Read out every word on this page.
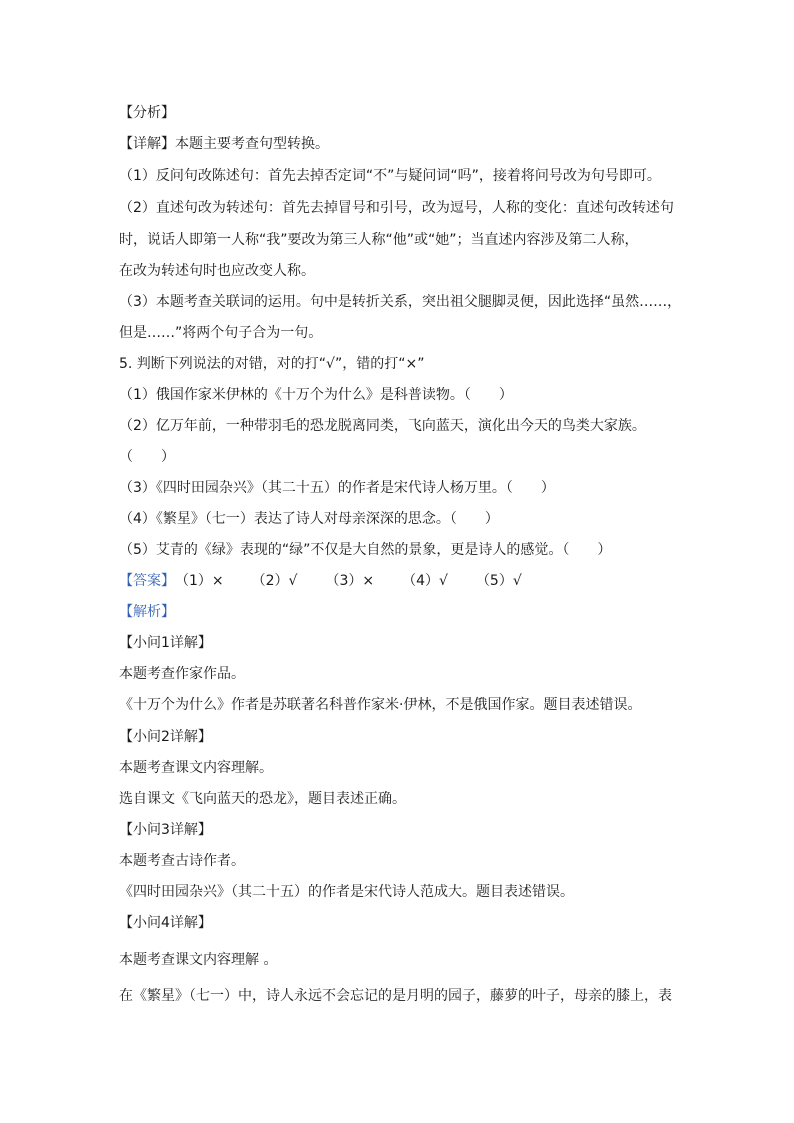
【分析】
【详解】本题主要考查句型转换。
（1）反问句改陈述句：首先去掉否定词“不”与疑问词“吗”，接着将问号改为句号即可。
（2）直述句改为转述句：首先去掉冒号和引号，改为逗号，人称的变化：直述句改转述句
时，说话人即第一人称“我”要改为第三人称“他”或“她”；当直述内容涉及第二人称，
在改为转述句时也应改变人称。
（3）本题考查关联词的运用。句中是转折关系，突出祖父腿脚灵便，因此选择“虽然……，
但是……”将两个句子合为一句。
5. 判断下列说法的对错，对的打“√”，错的打“×”
（1）俄国作家米伊林的《十万个为什么》是科普读物。（　　）
（2）亿万年前，一种带羽毛的恐龙脱离同类，飞向蓝天，演化出今天的鸟类大家族。
（　　）
（3）《四时田园杂兴》（其二十五）的作者是宋代诗人杨万里。（　　）
（4）《繁星》（七一）表达了诗人对母亲深深的思念。（　　）
（5）艾青的《绿》表现的“绿”不仅是大自然的景象，更是诗人的感觉。（　　）
【答案】（1）× （2）√ （3）× （4）√ （5）√
【解析】
【小问1详解】
本题考查作家作品。
《十万个为什么》作者是苏联著名科普作家米·伊林，不是俄国作家。题目表述错误。
【小问2详解】
本题考查课文内容理解。
选自课文《飞向蓝天的恐龙》，题目表述正确。
【小问3详解】
本题考查古诗作者。
《四时田园杂兴》（其二十五）的作者是宋代诗人范成大。题目表述错误。
【小问4详解】
本题考查课文内容理解 。
在《繁星》（七一）中，诗人永远不会忘记的是月明的园子，藤萝的叶子，母亲的膝上，表
